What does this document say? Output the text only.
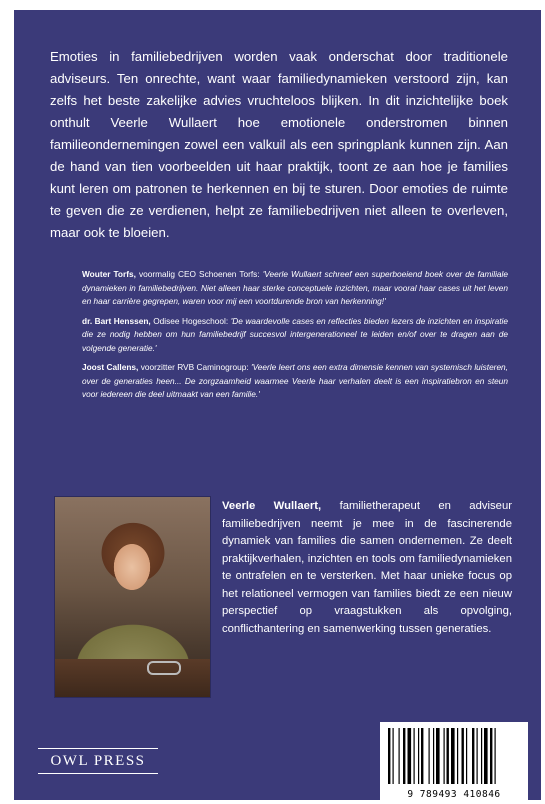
Emoties in familiebedrijven worden vaak onderschat door traditionele adviseurs. Ten onrechte, want waar familiedynamieken verstoord zijn, kan zelfs het beste zakelijke advies vruchteloos blijken. In dit inzichtelijke boek onthult Veerle Wullaert hoe emotionele onderstromen binnen familieondernemingen zowel een valkuil als een springplank kunnen zijn. Aan de hand van tien voorbeelden uit haar praktijk, toont ze aan hoe je families kunt leren om patronen te herkennen en bij te sturen. Door emoties de ruimte te geven die ze verdienen, helpt ze familiebedrijven niet alleen te overleven, maar ook te bloeien.

Wouter Torfs, voormalig CEO Schoenen Torfs: 'Veerle Wullaert schreef een superboeiend boek over de familiale dynamieken in familiebedrijven. Niet alleen haar sterke conceptuele inzichten, maar vooral haar cases uit het leven en haar carrière gegrepen, waren voor mij een voortdurende bron van herkenning!'

dr. Bart Henssen, Odisee Hogeschool: 'De waardevolle cases en reflecties bieden lezers de inzichten en inspiratie die ze nodig hebben om hun familiebedrijf succesvol intergenerationeel te leiden en/of over te dragen aan de volgende generatie.'

Joost Callens, voorzitter RVB Caminogroup: 'Veerle leert ons een extra dimensie kennen van systemisch luisteren, over de generaties heen... De zorgzaamheid waarmee Veerle haar verhalen deelt is een inspiratiebron en steun voor iedereen die deel uitmaakt van een familie.'

Veerle Wullaert, familietherapeut en adviseur familiebedrijven neemt je mee in de fascinerende dynamiek van families die samen ondernemen. Ze deelt praktijkverhalen, inzichten en tools om familiedynamieken te ontrafelen en te versterken. Met haar unieke focus op het relationeel vermogen van families biedt ze een nieuw perspectief op vraagstukken als opvolging, conflicthantering en samenwerking tussen generaties.

OWL PRESS
9 789493 410846
